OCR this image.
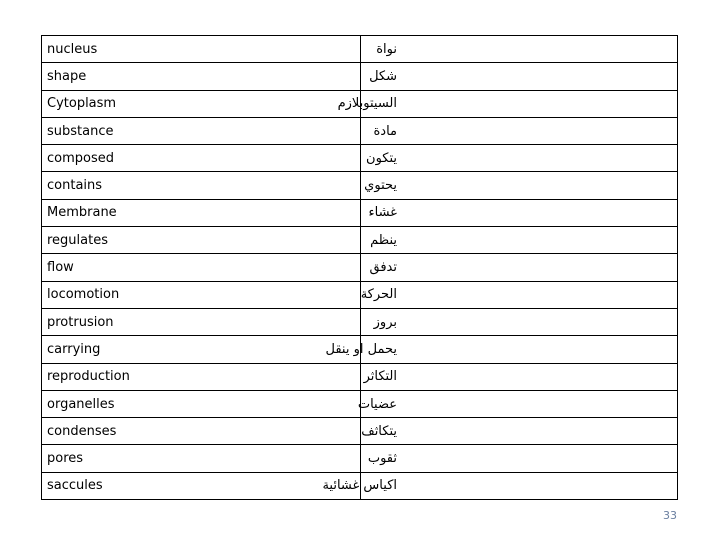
nucleus	نواة
shape	شكل
Cytoplasm	السيتوبلازم
substance	مادة
composed	يتكون
contains	يحتوي
Membrane	غشاء
regulates	ينظم
flow	تدفق
locomotion	الحركة
protrusion	بروز
carrying	يحمل او ينقل
reproduction	التكاثر
organelles	عضيات
condenses	يتكاثف
pores	ثقوب
saccules	اكياس غشائية
33
